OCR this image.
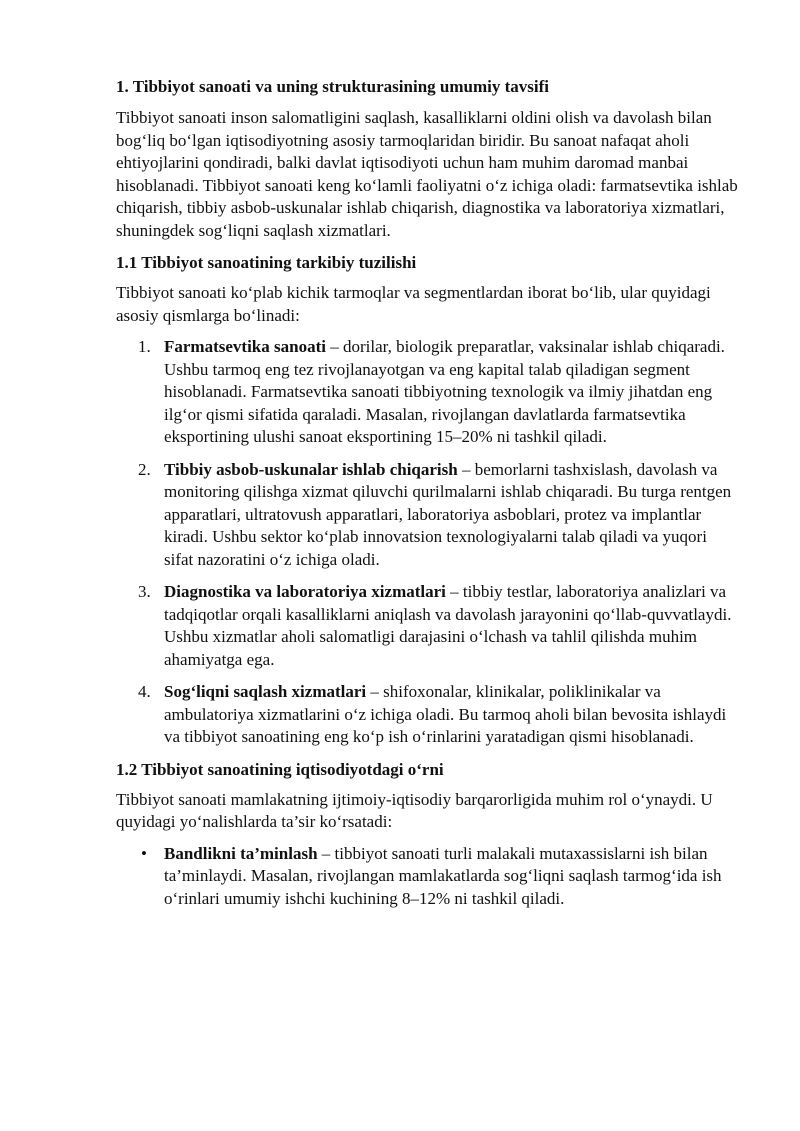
1. Tibbiyot sanoati va uning strukturasining umumiy tavsifi

Tibbiyot sanoati inson salomatligini saqlash, kasalliklarni oldini olish va davolash bilan bog‘liq bo‘lgan iqtisodiyotning asosiy tarmoqlaridan biridir. Bu sanoat nafaqat aholi ehtiyojlarini qondiradi, balki davlat iqtisodiyoti uchun ham muhim daromad manbai hisoblanadi. Tibbiyot sanoati keng ko‘lamli faoliyatni o‘z ichiga oladi: farmatsevtika ishlab chiqarish, tibbiy asbob-uskunalar ishlab chiqarish, diagnostika va laboratoriya xizmatlari, shuningdek sog‘liqni saqlash xizmatlari.

1.1 Tibbiyot sanoatining tarkibiy tuzilishi

Tibbiyot sanoati ko‘plab kichik tarmoqlar va segmentlardan iborat bo‘lib, ular quyidagi asosiy qismlarga bo‘linadi:

1. Farmatsevtika sanoati – dorilar, biologik preparatlar, vaksinalar ishlab chiqaradi. Ushbu tarmoq eng tez rivojlanayotgan va eng kapital talab qiladigan segment hisoblanadi. Farmatsevtika sanoati tibbiyotning texnologik va ilmiy jihatdan eng ilg‘or qismi sifatida qaraladi. Masalan, rivojlangan davlatlarda farmatsevtika eksportining ulushi sanoat eksportining 15–20% ni tashkil qiladi.
2. Tibbiy asbob-uskunalar ishlab chiqarish – bemorlarni tashxislash, davolash va monitoring qilishga xizmat qiluvchi qurilmalarni ishlab chiqaradi. Bu turga rentgen apparatlari, ultratovush apparatlari, laboratoriya asboblari, protez va implantlar kiradi. Ushbu sektor ko‘plab innovatsion texnologiyalarni talab qiladi va yuqori sifat nazoratini o‘z ichiga oladi.
3. Diagnostika va laboratoriya xizmatlari – tibbiy testlar, laboratoriya analizlari va tadqiqotlar orqali kasalliklarni aniqlash va davolash jarayonini qo‘llab-quvvatlaydi. Ushbu xizmatlar aholi salomatligi darajasini o‘lchash va tahlil qilishda muhim ahamiyatga ega.
4. Sog‘liqni saqlash xizmatlari – shifoxonalar, klinikalar, poliklinikalar va ambulatoriya xizmatlarini o‘z ichiga oladi. Bu tarmoq aholi bilan bevosita ishlaydi va tibbiyot sanoatining eng ko‘p ish o‘rinlarini yaratadigan qismi hisoblanadi.
1.2 Tibbiyot sanoatining iqtisodiyotdagi o‘rni

Tibbiyot sanoati mamlakatning ijtimoiy-iqtisodiy barqarorligida muhim rol o‘ynaydi. U quyidagi yo‘nalishlarda ta’sir ko‘rsatadi:

• Bandlikni ta’minlash – tibbiyot sanoati turli malakali mutaxassislarni ish bilan ta’minlaydi. Masalan, rivojlangan mamlakatlarda sog‘liqni saqlash tarmog‘ida ish o‘rinlari umumiy ishchi kuchining 8–12% ni tashkil qiladi.
